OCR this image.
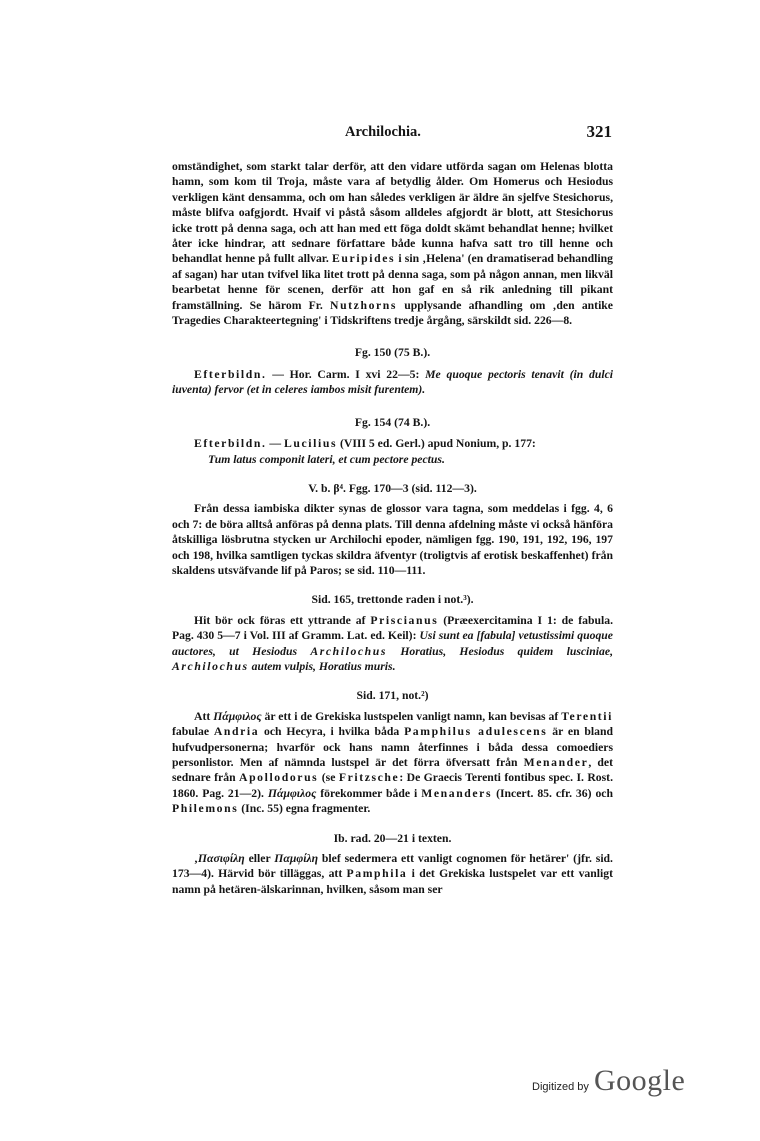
Archilochia.	321

omständighet, som starkt talar derför, att den vidare utförda sagan om Helenas blotta hamn, som kom til Troja, måste vara af betydlig ålder. Om Homerus och Hesiodus verkligen känt densamma, och om han således verkligen är äldre än sjelfve Stesichorus, måste blifva oafgjordt. Hvaif vi påstå såsom alldeles afgjordt är blott, att Stesichorus icke trott på denna saga, och att han med ett föga doldt skämt behandlat henne; hvilket åter icke hindrar, att sednare författare både kunna hafva satt tro till henne och behandlat henne på fullt allvar. Euripides i sin ‚Helena' (en dramatiserad behandling af sagan) har utan tvifvel lika litet trott på denna saga, som på någon annan, men likväl bearbetat henne för scenen, derför att hon gaf en så rik anledning till pikant framställning. Se härom Fr. Nutzhorns upplysande afhandling om ‚den antike Tragedies Charakteertegning' i Tidskriftens tredje årgång, särskildt sid. 226—8.

Fg. 150 (75 B.).

Efterbildn. — Hor. Carm. I xvi 22—5: Me quoque pectoris tenavit (in dulci iuventa) fervor (et in celeres iambos misit furentem).

Fg. 154 (74 B.).

Efterbildn. — Lucilius (VIII 5 ed. Gerl.) apud Nonium, p. 177:

Tum latus componit lateri, et cum pectore pectus.

V. b. β⁴. Fgg. 170—3 (sid. 112—3).

Från dessa iambiska dikter synas de glossor vara tagna, som meddelas i fgg. 4, 6 och 7: de böra alltså anföras på denna plats. Till denna afdelning måste vi också hänföra åtskilliga lösbrutna stycken ur Archilochi epoder, nämligen fgg. 190, 191, 192, 196, 197 och 198, hvilka samtligen tyckas skildra äfventyr (troligtvis af erotisk beskaffenhet) från skaldens utsväfvande lif på Paros; se sid. 110—111.

Sid. 165, trettonde raden i not.³).

Hit bör ock föras ett yttrande af Priscianus (Præexercitamina I 1: de fabula. Pag. 430 5—7 i Vol. III af Gramm. Lat. ed. Keil): Usi sunt ea [fabula] vetustissimi quoque auctores, ut Hesiodus Archilochus Horatius, Hesiodus quidem lusciniae, Archilochus autem vulpis, Horatius muris.

Sid. 171, not.²)

Att Πάμφιλος är ett i de Grekiska lustspelen vanligt namn, kan bevisas af Terentii fabulae Andria och Hecyra, i hvilka båda Pamphilus adulescens är en bland hufvudpersonerna; hvarför ock hans namn återfinnes i båda dessa comoediers personlistor. Men af nämnda lustspel är det förra öfversatt från Menander, det sednare från Apollodorus (se Fritzsche: De Graecis Terenti fontibus spec. I. Rost. 1860. Pag. 21—2). Πάμφιλος förekommer både i Menanders (Incert. 85. cfr. 36) och Philemons (Inc. 55) egna fragmenter.

Ib. rad. 20—21 i texten.

‚Πασιφίλη eller Παμφίλη blef sedermera ett vanligt cognomen för hetärer' (jfr. sid. 173—4). Härvid bör tilläggas, att Pamphila i det Grekiska lustspelet var ett vanligt namn på hetären-älskarinnan, hvilken, såsom man ser

Digitized by Google
